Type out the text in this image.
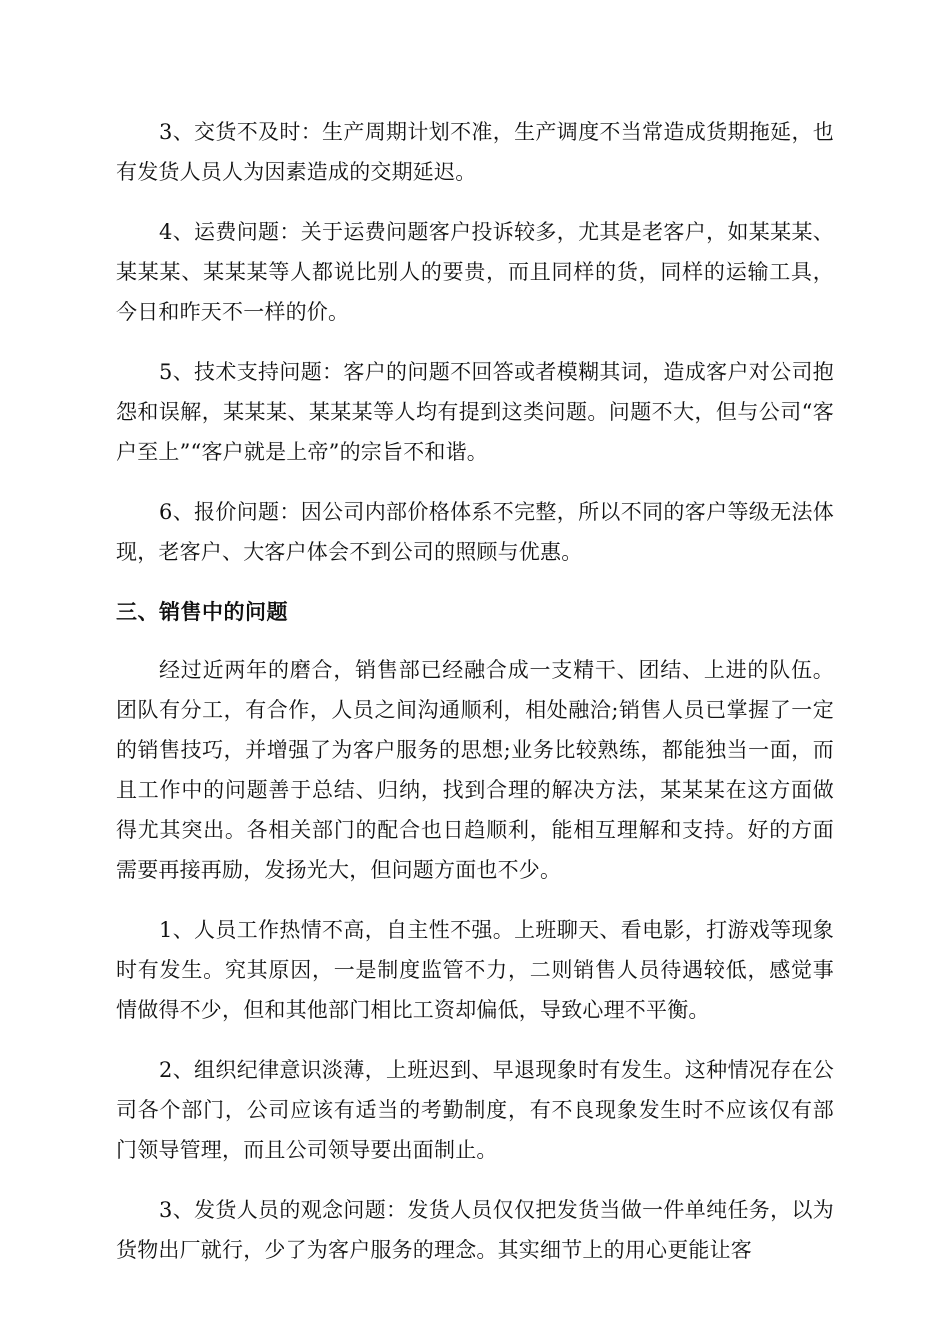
3、交货不及时：生产周期计划不准，生产调度不当常造成货期拖延，也有发货人员人为因素造成的交期延迟。

4、运费问题：关于运费问题客户投诉较多，尤其是老客户，如某某某、某某某、某某某等人都说比别人的要贵，而且同样的货，同样的运输工具，今日和昨天不一样的价。

5、技术支持问题：客户的问题不回答或者模糊其词，造成客户对公司抱怨和误解，某某某、某某某等人均有提到这类问题。问题不大，但与公司“客户至上”“客户就是上帝”的宗旨不和谐。

6、报价问题：因公司内部价格体系不完整，所以不同的客户等级无法体现，老客户、大客户体会不到公司的照顾与优惠。

三、销售中的问题

经过近两年的磨合，销售部已经融合成一支精干、团结、上进的队伍。团队有分工，有合作，人员之间沟通顺利，相处融洽;销售人员已掌握了一定的销售技巧，并增强了为客户服务的思想;业务比较熟练，都能独当一面，而且工作中的问题善于总结、归纳，找到合理的解决方法，某某某在这方面做得尤其突出。各相关部门的配合也日趋顺利，能相互理解和支持。好的方面需要再接再励，发扬光大，但问题方面也不少。

1、人员工作热情不高，自主性不强。上班聊天、看电影，打游戏等现象时有发生。究其原因，一是制度监管不力，二则销售人员待遇较低，感觉事情做得不少，但和其他部门相比工资却偏低，导致心理不平衡。

2、组织纪律意识淡薄，上班迟到、早退现象时有发生。这种情况存在公司各个部门，公司应该有适当的考勤制度，有不良现象发生时不应该仅有部门领导管理，而且公司领导要出面制止。

3、发货人员的观念问题：发货人员仅仅把发货当做一件单纯任务，以为货物出厂就行，少了为客户服务的理念。其实细节上的用心更能让客
